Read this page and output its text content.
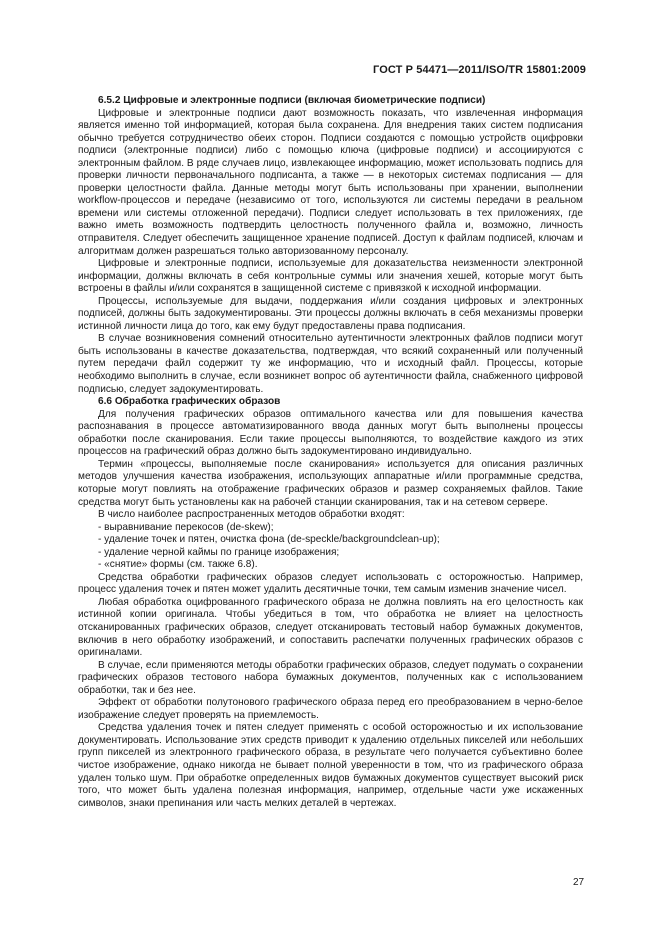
ГОСТ Р 54471—2011/ISO/TR 15801:2009

6.5.2 Цифровые и электронные подписи (включая биометрические подписи)

Цифровые и электронные подписи дают возможность показать, что извлеченная информация является именно той информацией, которая была сохранена. Для внедрения таких систем подписания обычно требуется сотрудничество обеих сторон. Подписи создаются с помощью устройств оцифровки подписи (электронные подписи) либо с помощью ключа (цифровые подписи) и ассоциируются с электронным файлом. В ряде случаев лицо, извлекающее информацию, может использовать подпись для проверки личности первоначального подписанта, а также — в некоторых системах подписания — для проверки целостности файла. Данные методы могут быть использованы при хранении, выполнении workflow-процессов и передаче (независимо от того, используются ли системы передачи в реальном времени или системы отложенной передачи). Подписи следует использовать в тех приложениях, где важно иметь возможность подтвердить целостность полученного файла и, возможно, личность отправителя. Следует обеспечить защищенное хранение подписей. Доступ к файлам подписей, ключам и алгоритмам должен разрешаться только авторизованному персоналу.

Цифровые и электронные подписи, используемые для доказательства неизменности электронной информации, должны включать в себя контрольные суммы или значения хешей, которые могут быть встроены в файлы и/или сохранятся в защищенной системе с привязкой к исходной информации.

Процессы, используемые для выдачи, поддержания и/или создания цифровых и электронных подписей, должны быть задокументированы. Эти процессы должны включать в себя механизмы проверки истинной личности лица до того, как ему будут предоставлены права подписания.

В случае возникновения сомнений относительно аутентичности электронных файлов подписи могут быть использованы в качестве доказательства, подтверждая, что всякий сохраненный или полученный путем передачи файл содержит ту же информацию, что и исходный файл. Процессы, которые необходимо выполнить в случае, если возникнет вопрос об аутентичности файла, снабженного цифровой подписью, следует задокументировать.

6.6 Обработка графических образов

Для получения графических образов оптимального качества или для повышения качества распознавания в процессе автоматизированного ввода данных могут быть выполнены процессы обработки после сканирования. Если такие процессы выполняются, то воздействие каждого из этих процессов на графический образ должно быть задокументировано индивидуально.

Термин «процессы, выполняемые после сканирования» используется для описания различных методов улучшения качества изображения, использующих аппаратные и/или программные средства, которые могут повлиять на отображение графических образов и размер сохраняемых файлов. Такие средства могут быть установлены как на рабочей станции сканирования, так и на сетевом сервере.

В число наиболее распространенных методов обработки входят:

- выравнивание перекосов (de-skew);

- удаление точек и пятен, очистка фона (de-speckle/backgroundclean-up);

- удаление черной каймы по границе изображения;

- «снятие» формы (см. также 6.8).

Средства обработки графических образов следует использовать с осторожностью. Например, процесс удаления точек и пятен может удалить десятичные точки, тем самым изменив значение чисел.

Любая обработка оцифрованного графического образа не должна повлиять на его целостность как истинной копии оригинала. Чтобы убедиться в том, что обработка не влияет на целостность отсканированных графических образов, следует отсканировать тестовый набор бумажных документов, включив в него обработку изображений, и сопоставить распечатки полученных графических образов с оригиналами.

В случае, если применяются методы обработки графических образов, следует подумать о сохранении графических образов тестового набора бумажных документов, полученных как с использованием обработки, так и без нее.

Эффект от обработки полутонового графического образа перед его преобразованием в черно-белое изображение следует проверять на приемлемость.

Средства удаления точек и пятен следует применять с особой осторожностью и их использование документировать. Использование этих средств приводит к удалению отдельных пикселей или небольших групп пикселей из электронного графического образа, в результате чего получается субъективно более чистое изображение, однако никогда не бывает полной уверенности в том, что из графического образа удален только шум. При обработке определенных видов бумажных документов существует высокий риск того, что может быть удалена полезная информация, например, отдельные части уже искаженных символов, знаки препинания или часть мелких деталей в чертежах.

27
